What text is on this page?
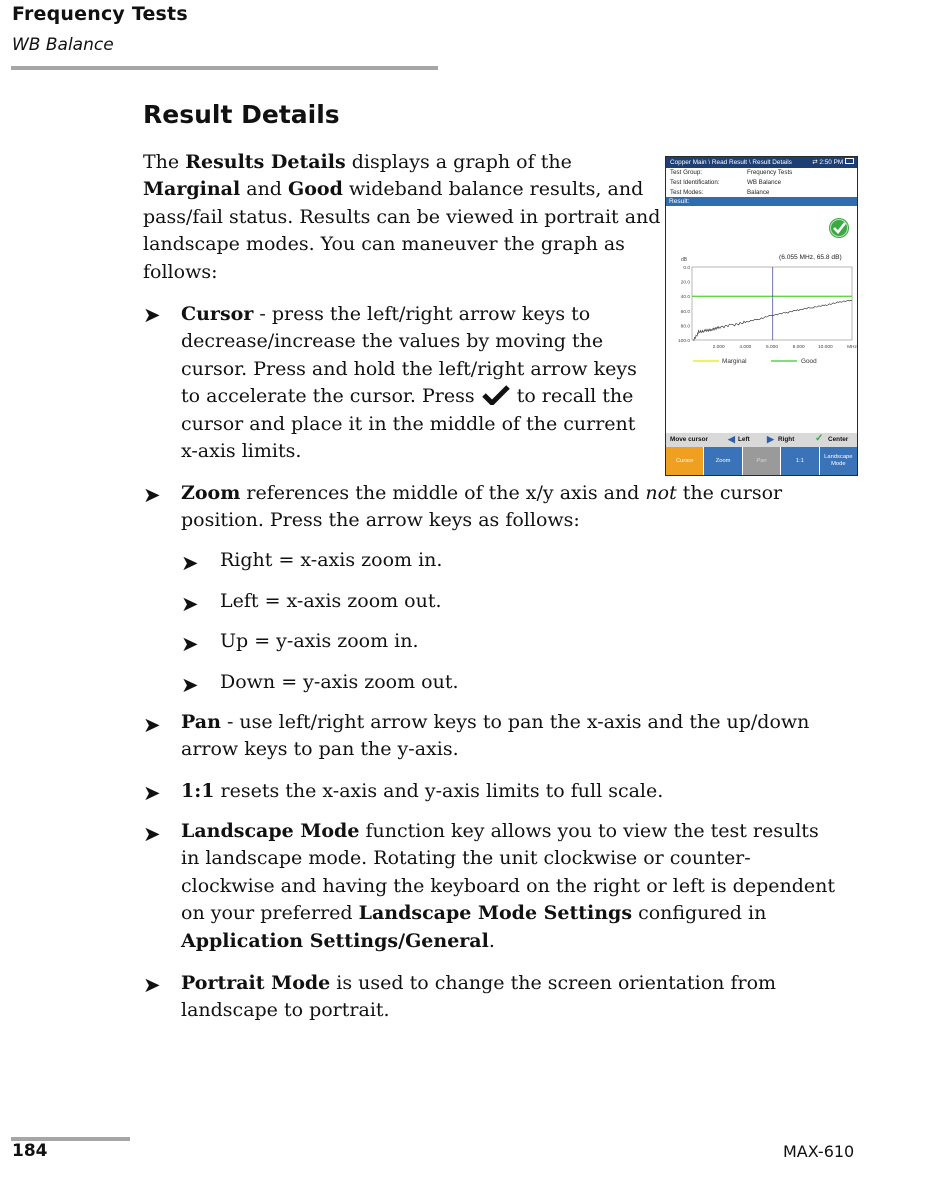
Frequency Tests
WB Balance
Result Details

The Results Details displays a graph of the Marginal and Good wideband balance results, and pass/fail status. Results can be viewed in portrait and landscape modes. You can maneuver the graph as follows:

➤ Cursor - press the left/right arrow keys to decrease/increase the values by moving the cursor. Press and hold the left/right arrow keys to accelerate the cursor. Press  to recall the cursor and place it in the middle of the current x-axis limits.

➤ Zoom references the middle of the x/y axis and not the cursor position. Press the arrow keys as follows:

➤ Right = x-axis zoom in.

➤ Left = x-axis zoom out.

➤ Up = y-axis zoom in.

➤ Down = y-axis zoom out.

➤ Pan - use left/right arrow keys to pan the x-axis and the up/down arrow keys to pan the y-axis.

➤ 1:1 resets the x-axis and y-axis limits to full scale.

➤ Landscape Mode function key allows you to view the test results in landscape mode. Rotating the unit clockwise or counter-clockwise and having the keyboard on the right or left is dependent on your preferred Landscape Mode Settings configured in Application Settings/General.

➤ Portrait Mode is used to change the screen orientation from landscape to portrait.

Copper Main \ Read Result \ Result Details	⇄ 2:50 PM
Test Group:	Frequency Tests
Test Identification:	WB Balance
Test Modes:	Balance
Result:
(6.055 MHz, 65.8 dB)
dB
0.0
20.0
40.0
60.0
80.0
100.0
2.000	4.000	6.000	8.000	10.000	MHz
Marginal	Good
Move cursor ◀ Left ▶ Right ✓ Center
Cursor	Zoom	Pan	1:1
Landscape Mode
184	MAX-610
